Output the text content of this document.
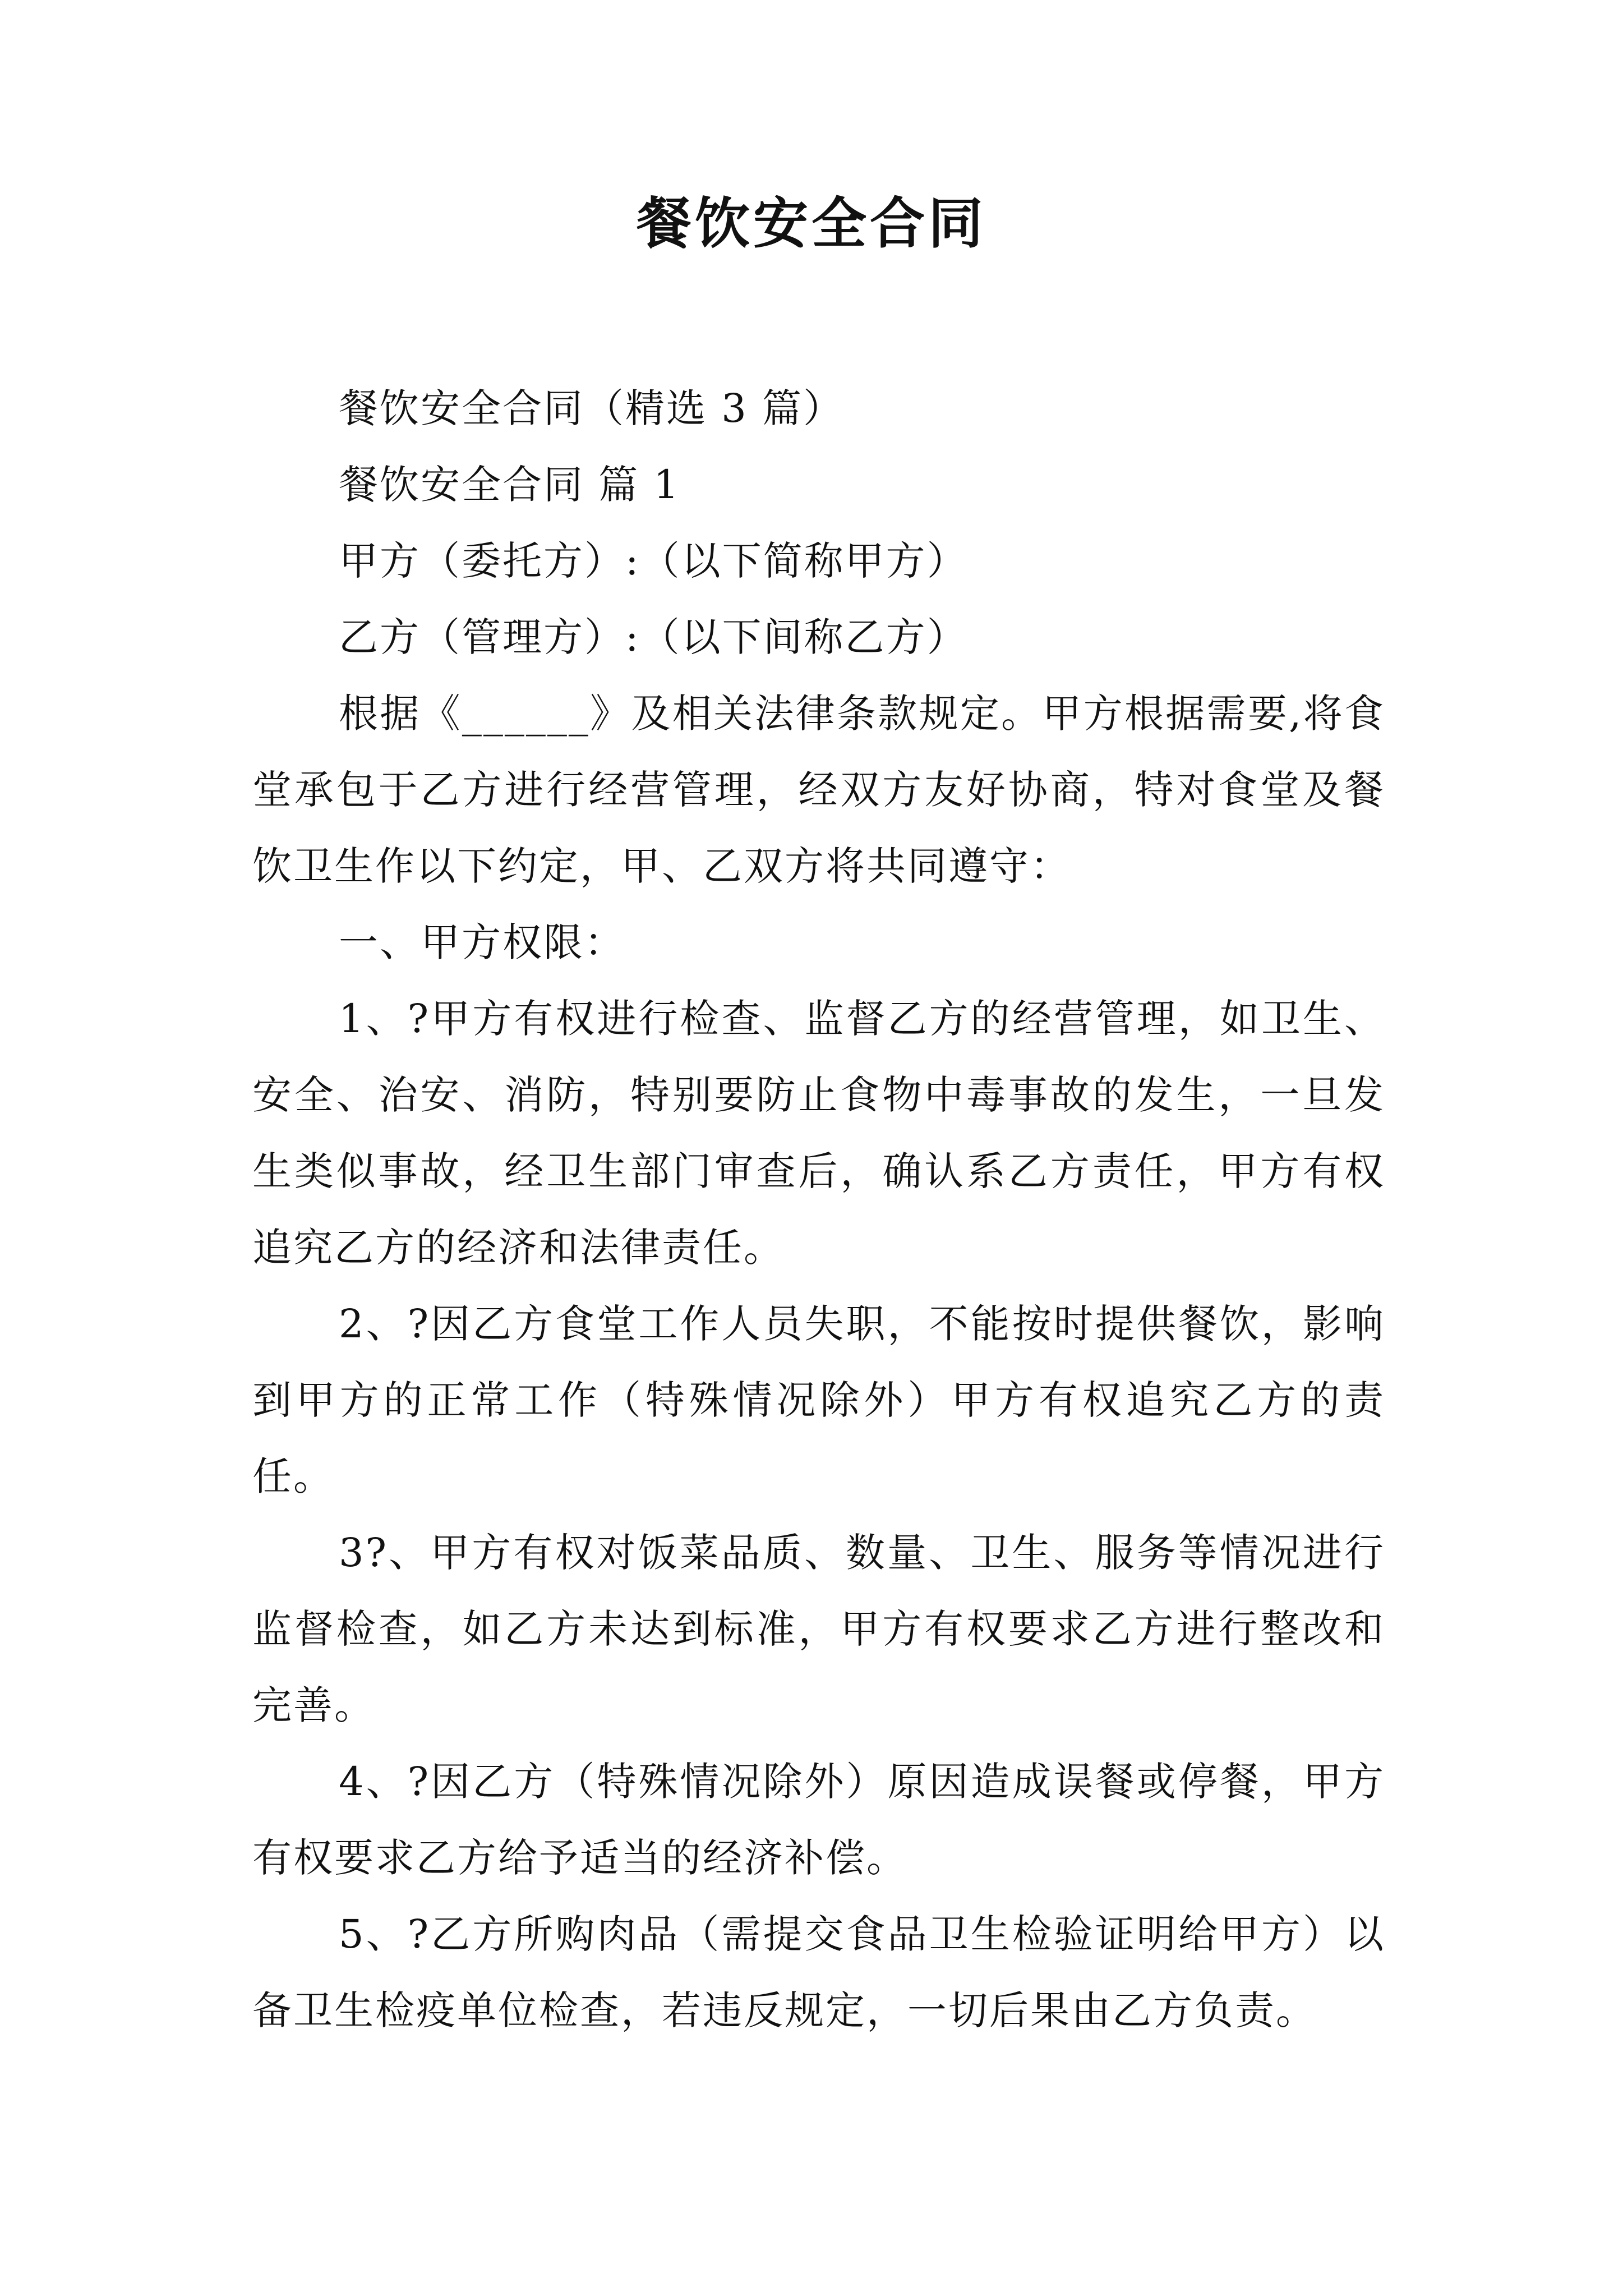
餐饮安全合同

餐饮安全合同（精选 3 篇）

餐饮安全合同 篇 1

甲方（委托方）:（以下简称甲方）

乙方（管理方）:（以下间称乙方）

根据《______》及相关法律条款规定。甲方根据需要,将食堂承包于乙方进行经营管理，经双方友好协商，特对食堂及餐饮卫生作以下约定，甲、乙双方将共同遵守：

一、甲方权限：

1、?甲方有权进行检查、监督乙方的经营管理，如卫生、安全、治安、消防，特别要防止食物中毒事故的发生，一旦发生类似事故，经卫生部门审查后，确认系乙方责任，甲方有权追究乙方的经济和法律责任。

2、?因乙方食堂工作人员失职，不能按时提供餐饮，影响到甲方的正常工作（特殊情况除外）甲方有权追究乙方的责任。

3?、甲方有权对饭菜品质、数量、卫生、服务等情况进行监督检查，如乙方未达到标准，甲方有权要求乙方进行整改和完善。

4、?因乙方（特殊情况除外）原因造成误餐或停餐，甲方有权要求乙方给予适当的经济补偿。

5、?乙方所购肉品（需提交食品卫生检验证明给甲方）以备卫生检疫单位检查，若违反规定，一切后果由乙方负责。
